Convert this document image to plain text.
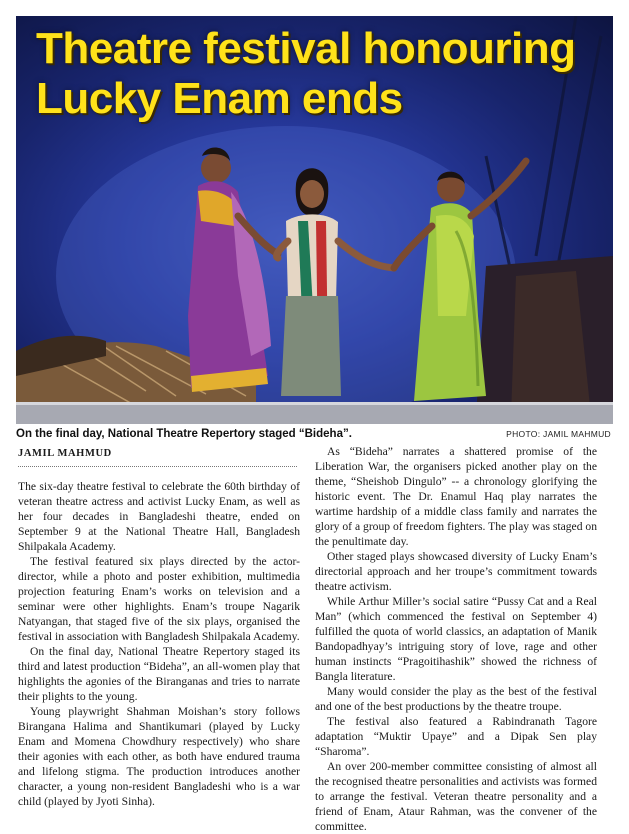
Theatre festival honouring Lucky Enam ends
On the final day, National Theatre Repertory staged “Bideha”.	PHOTO: JAMIL MAHMUD
JAMIL MAHMUD

The six-day theatre festival to celebrate the 60th birthday of veteran theatre actress and activist Lucky Enam, as well as her four decades in Bangladeshi theatre, ended on September 9 at the National Theatre Hall, Bangladesh Shilpakala Academy.

The festival featured six plays directed by the actor-director, while a photo and poster exhibition, multimedia projection featuring Enam’s works on television and a seminar were other highlights. Enam’s troupe Nagarik Natyangan, that staged five of the six plays, organised the festival in association with Bangladesh Shilpakala Academy.

On the final day, National Theatre Repertory staged its third and latest production “Bideha”, an all-women play that highlights the agonies of the Biranganas and tries to narrate their plights to the young.

Young playwright Shahman Moishan’s story follows Birangana Halima and Shantikumari (played by Lucky Enam and Momena Chowdhury respectively) who share their agonies with each other, as both have endured trauma and lifelong stigma. The production introduces another character, a young non-resident Bangladeshi who is a war child (played by Jyoti Sinha).

As “Bideha” narrates a shattered promise of the Liberation War, the organisers picked another play on the theme, “Sheishob Dingulo” -- a chronology glorifying the historic event. The Dr. Enamul Haq play narrates the wartime hardship of a middle class family and narrates the glory of a group of freedom fighters. The play was staged on the penultimate day.

Other staged plays showcased diversity of Lucky Enam’s directorial approach and her troupe’s commitment towards theatre activism.

While Arthur Miller’s social satire “Pussy Cat and a Real Man” (which commenced the festival on September 4) fulfilled the quota of world classics, an adaptation of Manik Bandopadhyay’s intriguing story of love, rage and other human instincts “Pragoitihashik” showed the richness of Bangla literature.

Many would consider the play as the best of the festival and one of the best productions by the theatre troupe.

The festival also featured a Rabindranath Tagore adaptation “Muktir Upaye” and a Dipak Sen play “Sharoma”.

An over 200-member committee consisting of almost all the recognised theatre personalities and activists was formed to arrange the festival. Veteran theatre personality and a friend of Enam, Ataur Rahman, was the convener of the committee.
